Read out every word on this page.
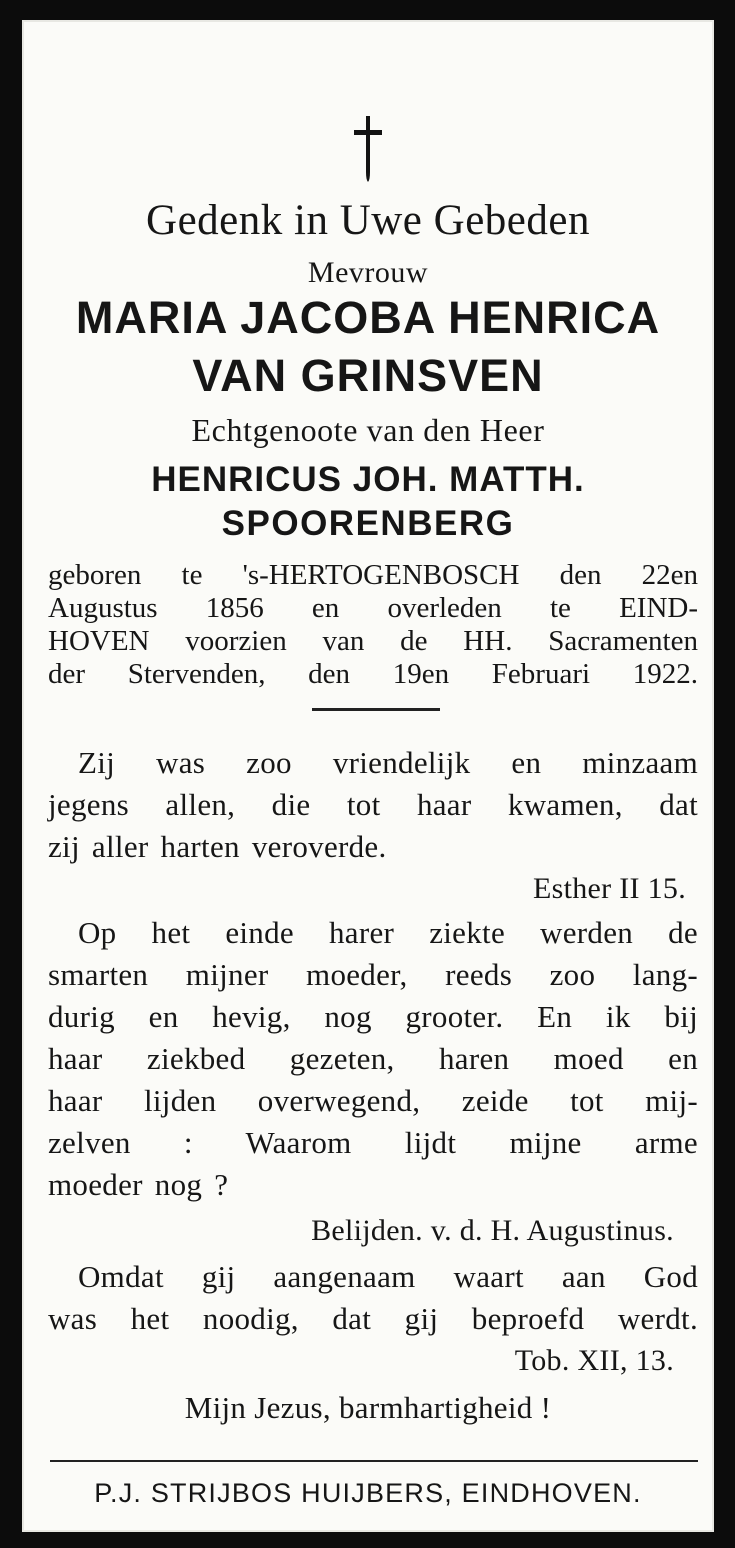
Gedenk in Uwe Gebeden
Mevrouw
MARIA JACOBA HENRICA
VAN GRINSVEN
Echtgenoote van den Heer
HENRICUS JOH. MATTH.
SPOORENBERG
geboren te 's-HERTOGENBOSCH den 22en
Augustus 1856 en overleden te EIND-
HOVEN voorzien van de HH. Sacramenten
der Stervenden, den 19en Februari 1922.
Zij was zoo vriendelijk en minzaam
jegens allen, die tot haar kwamen, dat
zij aller harten veroverde.
Esther II 15.
Op het einde harer ziekte werden de
smarten mijner moeder, reeds zoo lang-
durig en hevig, nog grooter. En ik bij
haar ziekbed gezeten, haren moed en
haar lijden overwegend, zeide tot mij-
zelven : Waarom lijdt mijne arme
moeder nog ?
Belijden. v. d. H. Augustinus.
Omdat gij aangenaam waart aan God
was het noodig, dat gij beproefd werdt.
Tob. XII, 13.
Mijn Jezus, barmhartigheid !
P.J. STRIJBOS HUIJBERS, EINDHOVEN.
